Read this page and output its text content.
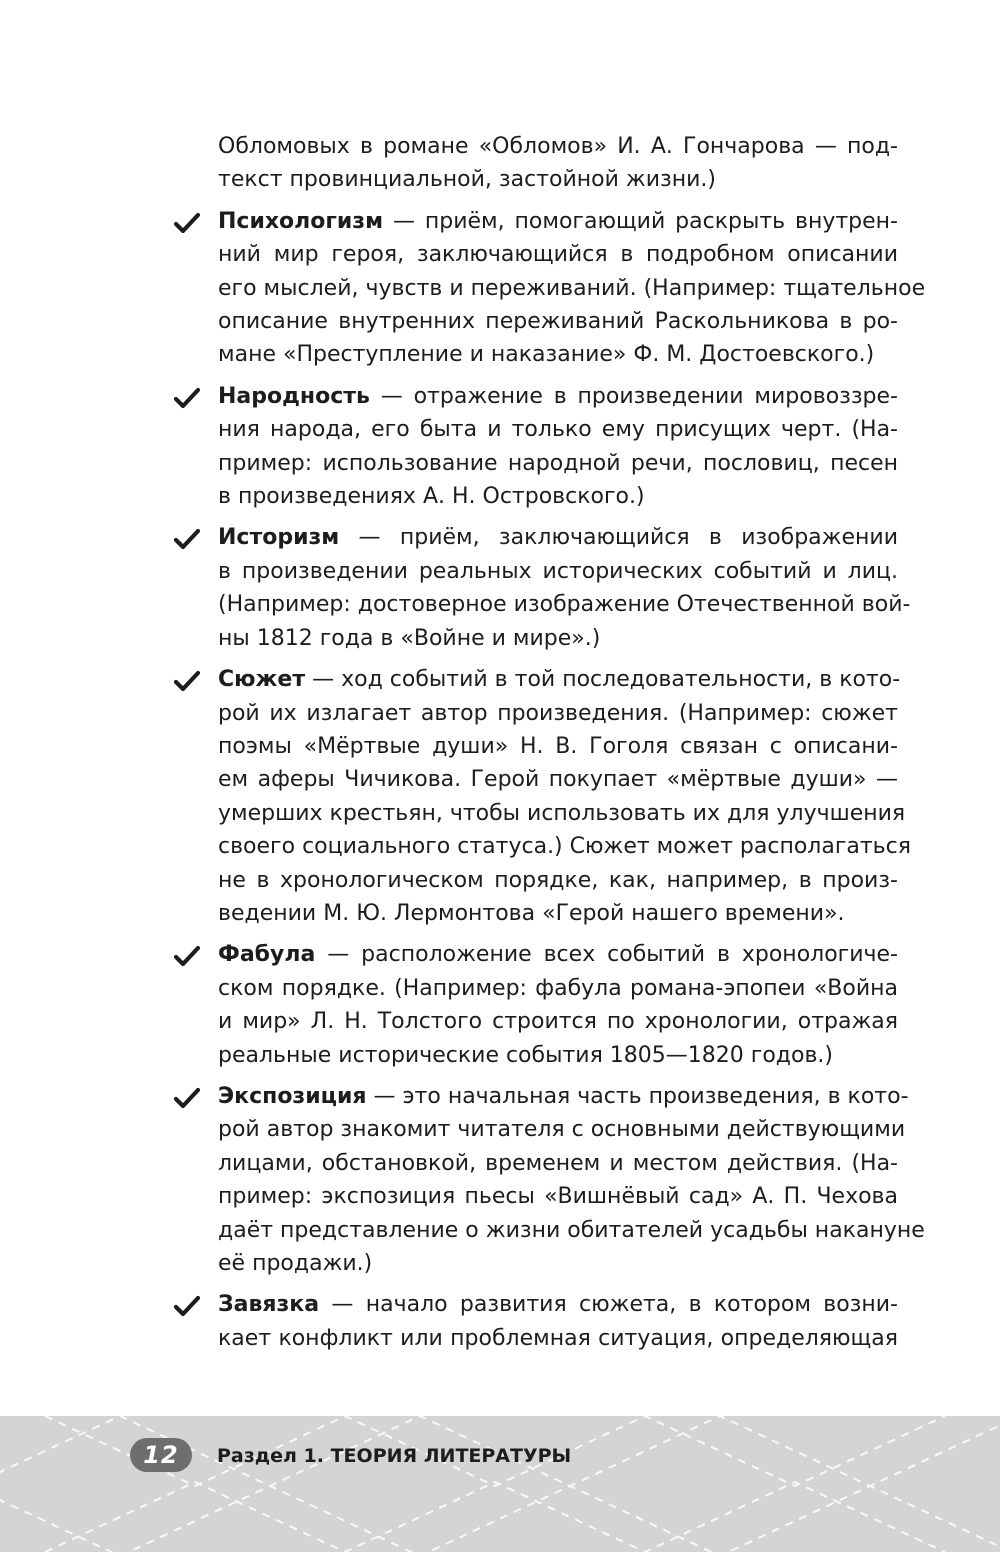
Обломовых в романе «Обломов» И. А. Гончарова — под-
текст провинциальной, застойной жизни.)
Психологизм — приём, помогающий раскрыть внутрен-
ний мир героя, заключающийся в подробном описании
его мыслей, чувств и переживаний. (Например: тщательное
описание внутренних переживаний Раскольникова в ро-
мане «Преступление и наказание» Ф. М. Достоевского.)
Народность — отражение в произведении мировоззре-
ния народа, его быта и только ему присущих черт. (На-
пример: использование народной речи, пословиц, песен
в произведениях А. Н. Островского.)
Историзм — приём, заключающийся в изображении
в произведении реальных исторических событий и лиц.
(Например: достоверное изображение Отечественной вой-
ны 1812 года в «Войне и мире».)
Сюжет — ход событий в той последовательности, в кото-
рой их излагает автор произведения. (Например: сюжет
поэмы «Мёртвые души» Н. В. Гоголя связан с описани-
ем аферы Чичикова. Герой покупает «мёртвые души» —
умерших крестьян, чтобы использовать их для улучшения
своего социального статуса.) Сюжет может располагаться
не в хронологическом порядке, как, например, в произ-
ведении М. Ю. Лермонтова «Герой нашего времени».
Фабула — расположение всех событий в хронологиче-
ском порядке. (Например: фабула романа-эпопеи «Война
и мир» Л. Н. Толстого строится по хронологии, отражая
реальные исторические события 1805—1820 годов.)
Экспозиция — это начальная часть произведения, в кото-
рой автор знакомит читателя с основными действующими
лицами, обстановкой, временем и местом действия. (На-
пример: экспозиция пьесы «Вишнёвый сад» А. П. Чехова
даёт представление о жизни обитателей усадьбы накануне
её продажи.)
Завязка — начало развития сюжета, в котором возни-
кает конфликт или проблемная ситуация, определяющая
12	Раздел 1. ТЕОРИЯ ЛИТЕРАТУРЫ
